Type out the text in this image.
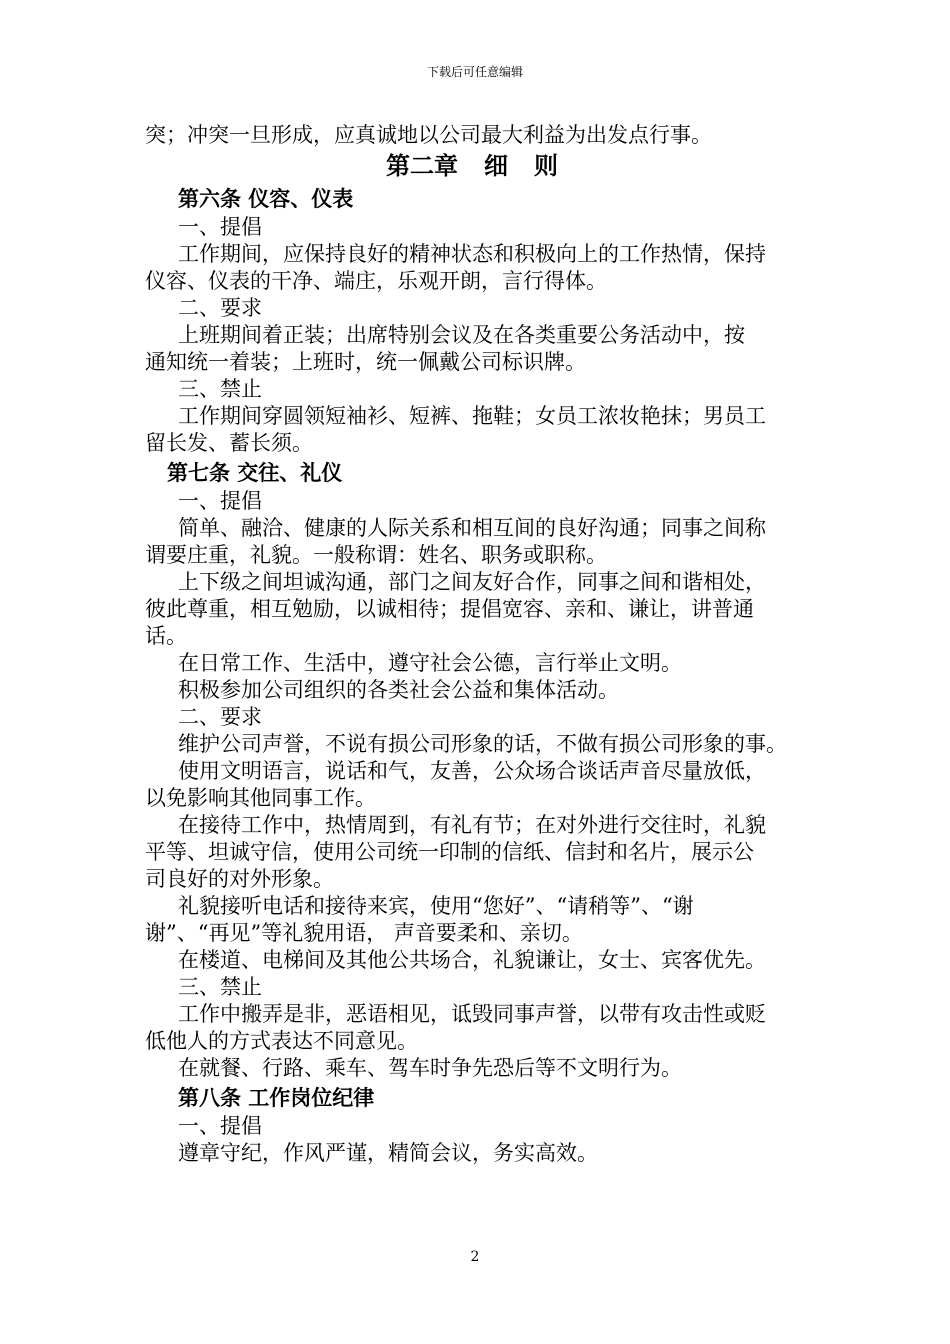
下载后可任意编辑
突；冲突一旦形成，应真诚地以公司最大利益为出发点行事。
第二章 细 则
第六条 仪容、仪表
一、提倡
工作期间，应保持良好的精神状态和积极向上的工作热情，保持
仪容、仪表的干净、端庄，乐观开朗，言行得体。
二、要求
上班期间着正装；出席特别会议及在各类重要公务活动中，按
通知统一着装；上班时，统一佩戴公司标识牌。
三、禁止
工作期间穿圆领短袖衫、短裤、拖鞋；女员工浓妆艳抹；男员工
留长发、蓄长须。
第七条 交往、礼仪
一、提倡
简单、融洽、健康的人际关系和相互间的良好沟通；同事之间称
谓要庄重，礼貌。一般称谓：姓名、职务或职称。
上下级之间坦诚沟通，部门之间友好合作，同事之间和谐相处，
彼此尊重，相互勉励，以诚相待；提倡宽容、亲和、谦让，讲普通
话。
在日常工作、生活中，遵守社会公德，言行举止文明。
积极参加公司组织的各类社会公益和集体活动。
二、要求
维护公司声誉，不说有损公司形象的话，不做有损公司形象的事。
使用文明语言，说话和气，友善，公众场合谈话声音尽量放低，
以免影响其他同事工作。
在接待工作中，热情周到，有礼有节；在对外进行交往时，礼貌
平等、坦诚守信，使用公司统一印制的信纸、信封和名片，展示公
司良好的对外形象。
礼貌接听电话和接待来宾，使用“您好”、“请稍等”、“谢
谢”、“再见”等礼貌用语， 声音要柔和、亲切。
在楼道、电梯间及其他公共场合，礼貌谦让，女士、宾客优先。
三、禁止
工作中搬弄是非，恶语相见，诋毁同事声誉，以带有攻击性或贬
低他人的方式表达不同意见。
在就餐、行路、乘车、驾车时争先恐后等不文明行为。
第八条 工作岗位纪律
一、提倡
遵章守纪，作风严谨，精简会议，务实高效。
2
